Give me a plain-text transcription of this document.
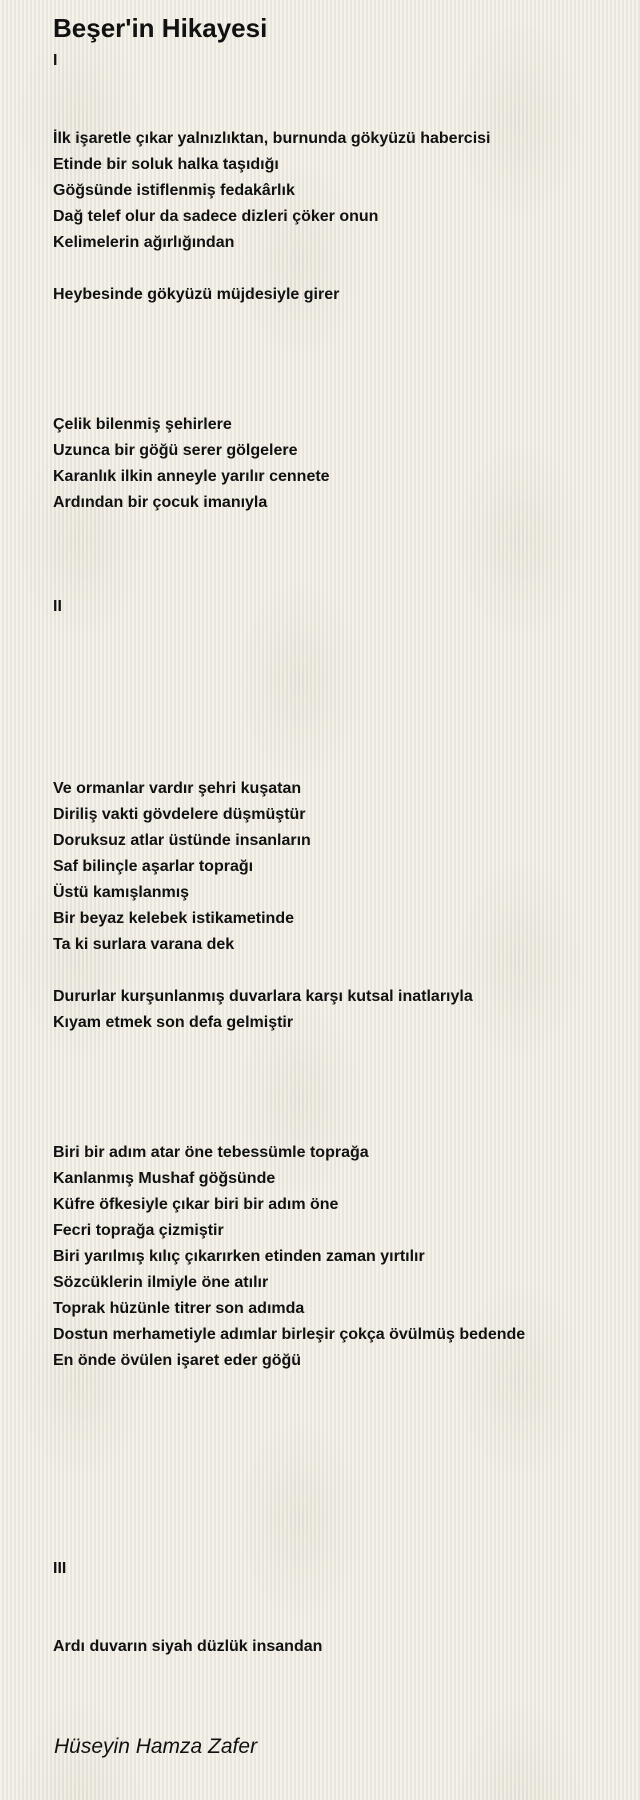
Beşer'in Hikayesi
I
İlk işaretle çıkar yalnızlıktan, burnunda gökyüzü habercisi
Etinde bir soluk halka taşıdığı
Göğsünde istiflenmiş fedakârlık
Dağ telef olur da sadece dizleri çöker onun
Kelimelerin ağırlığından
Heybesinde gökyüzü müjdesiyle girer
Çelik bilenmiş şehirlere
Uzunca bir göğü serer gölgelere
Karanlık ilkin anneyle yarılır cennete
Ardından bir çocuk imanıyla
II
Ve ormanlar vardır şehri kuşatan
Diriliş vakti gövdelere düşmüştür
Doruksuz atlar üstünde insanların
Saf bilinçle aşarlar toprağı
Üstü kamışlanmış
Bir beyaz kelebek istikametinde
Ta ki surlara varana dek
Dururlar kurşunlanmış duvarlara karşı kutsal inatlarıyla
Kıyam etmek son defa gelmiştir
Biri bir adım atar öne tebessümle toprağa
Kanlanmış Mushaf göğsünde
Küfre öfkesiyle çıkar biri bir adım öne
Fecri toprağa çizmiştir
Biri yarılmış kılıç çıkarırken etinden zaman yırtılır
Sözcüklerin ilmiyle öne atılır
Toprak hüzünle titrer son adımda
Dostun merhametiyle adımlar birleşir çokça övülmüş bedende
En önde övülen işaret eder göğü
III
Ardı duvarın siyah düzlük insandan
Hüseyin Hamza Zafer
